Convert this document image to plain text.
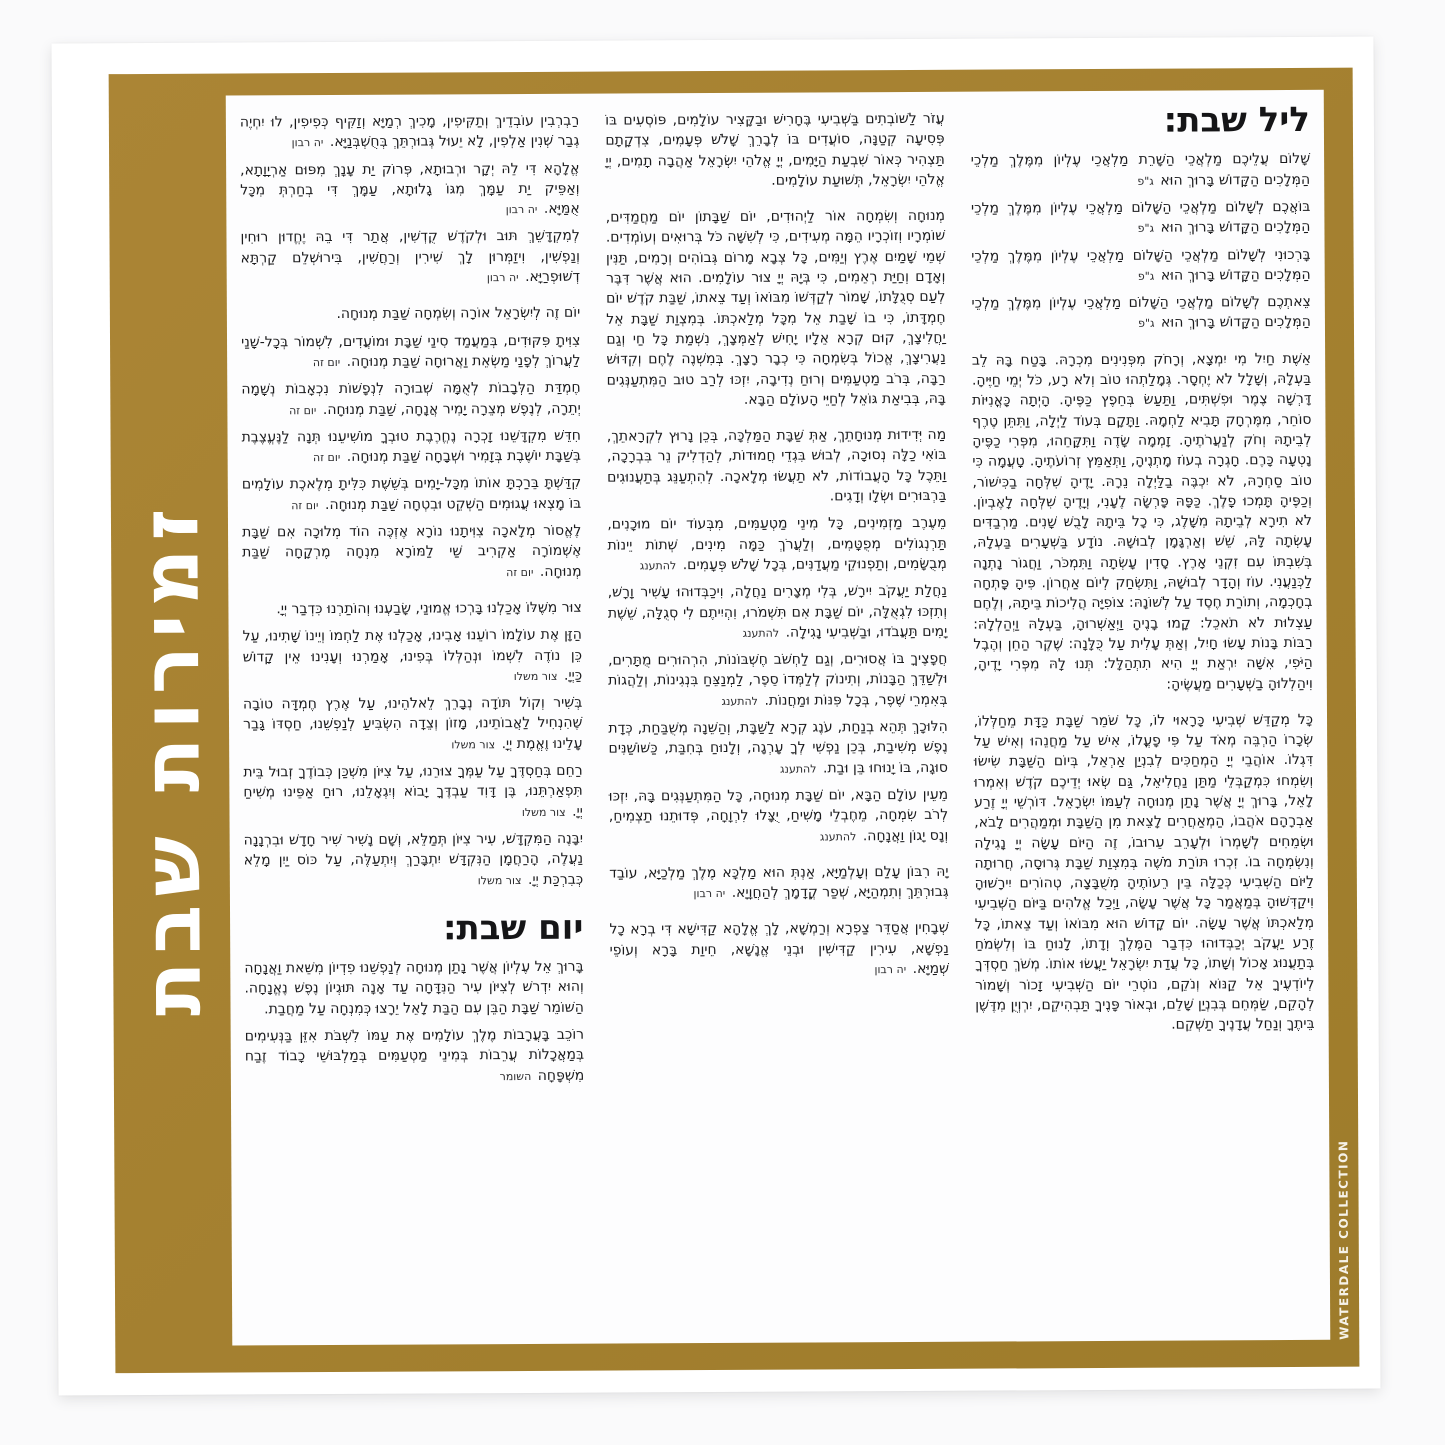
זמירות שבת
WATERDALE COLLECTION
ליל שבת:

שָׁלוֹם עֲלֵיכֶם מַלְאֲכֵי הַשָּׁרֵת מַלְאֲכֵי עֶלְיוֹן מִמֶּלֶךְ מַלְכֵי הַמְּלָכִים הַקָּדוֹשׁ בָּרוּךְ הוּא ג"פ

בּוֹאֲכֶם לְשָׁלוֹם מַלְאֲכֵי הַשָּׁלוֹם מַלְאֲכֵי עֶלְיוֹן מִמֶּלֶךְ מַלְכֵי הַמְּלָכִים הַקָּדוֹשׁ בָּרוּךְ הוּא ג"פ

בָּרְכוּנִי לְשָׁלוֹם מַלְאֲכֵי הַשָּׁלוֹם מַלְאֲכֵי עֶלְיוֹן מִמֶּלֶךְ מַלְכֵי הַמְּלָכִים הַקָּדוֹשׁ בָּרוּךְ הוּא ג"פ

צֵאתְכֶם לְשָׁלוֹם מַלְאֲכֵי הַשָּׁלוֹם מַלְאֲכֵי עֶלְיוֹן מִמֶּלֶךְ מַלְכֵי הַמְּלָכִים הַקָּדוֹשׁ בָּרוּךְ הוּא ג"פ

אֵשֶׁת חַיִל מִי יִמְצָא, וְרָחֹק מִפְּנִינִים מִכְרָהּ. בָּטַח בָּהּ לֵב בַּעְלָהּ, וְשָׁלָל לֹא יֶחְסָר. גְּמָלַתְהוּ טוֹב וְלֹא רָע, כֹּל יְמֵי חַיֶּיהָ. דָּרְשָׁה צֶמֶר וּפִשְׁתִּים, וַתַּעַשׂ בְּחֵפֶץ כַּפֶּיהָ. הָיְתָה כָּאֳנִיּוֹת סוֹחֵר, מִמֶּרְחָק תָּבִיא לַחְמָהּ. וַתָּקָם בְּעוֹד לַיְלָה, וַתִּתֵּן טֶרֶף לְבֵיתָהּ וְחֹק לְנַעֲרֹתֶיהָ. זָמְמָה שָׂדֶה וַתִּקָּחֵהוּ, מִפְּרִי כַפֶּיהָ נָטְעָה כָּרֶם. חָגְרָה בְעוֹז מָתְנֶיהָ, וַתְּאַמֵּץ זְרוֹעֹתֶיהָ. טָעֲמָה כִּי טוֹב סַחְרָהּ, לֹא יִכְבֶּה בַלַּיְלָה נֵרָהּ. יָדֶיהָ שִׁלְּחָה בַכִּישׁוֹר, וְכַפֶּיהָ תָּמְכוּ פָלֶךְ. כַּפָּהּ פָּרְשָׂה לֶעָנִי, וְיָדֶיהָ שִׁלְּחָה לָאֶבְיוֹן. לֹא תִירָא לְבֵיתָהּ מִשָּׁלֶג, כִּי כָל בֵּיתָהּ לָבֻשׁ שָׁנִים. מַרְבַדִּים עָשְׂתָה לָּהּ, שֵׁשׁ וְאַרְגָּמָן לְבוּשָׁהּ. נוֹדָע בַּשְּׁעָרִים בַּעְלָהּ, בְּשִׁבְתּוֹ עִם זִקְנֵי אָרֶץ. סָדִין עָשְׂתָה וַתִּמְכֹּר, וַחֲגוֹר נָתְנָה לַכְּנַעֲנִי. עוֹז וְהָדָר לְבוּשָׁהּ, וַתִּשְׂחַק לְיוֹם אַחֲרוֹן. פִּיהָ פָּתְחָה בְחָכְמָה, וְתוֹרַת חֶסֶד עַל לְשׁוֹנָהּ: צוֹפִיָּה הֲלִיכוֹת בֵּיתָהּ, וְלֶחֶם עַצְלוּת לֹא תֹאכֵל: קָמוּ בָנֶיהָ וַיְאַשְּׁרוּהָ, בַּעְלָהּ וַיְהַלְלָהּ: רַבּוֹת בָּנוֹת עָשׂוּ חָיִל, וְאַתְּ עָלִית עַל כֻּלָּנָה: שֶׁקֶר הַחֵן וְהֶבֶל הַיֹּפִי, אִשָּׁה יִרְאַת יְיָ הִיא תִתְהַלָּל: תְּנוּ לָהּ מִפְּרִי יָדֶיהָ, וִיהַלְלוּהָ בַשְּׁעָרִים מַעֲשֶׂיהָ:

כָּל מְקַדֵּשׁ שְׁבִיעִי כָּרָאוּי לוֹ, כָּל שֹׁמֵר שַׁבָּת כַּדָּת מֵחַלְּלוֹ, שְׂכָרוֹ הַרְבֵּה מְאֹד עַל פִּי פָעֳלוֹ, אִישׁ עַל מַחֲנֵהוּ וְאִישׁ עַל דִּגְלוֹ. אוֹהֲבֵי יְיָ הַמְחַכִּים לְבִנְיַן אַרְאֵל, בְּיוֹם הַשַּׁבָּת שִׂישׂוּ וְשִׂמְחוּ כִּמְקַבְּלֵי מַתַּן נַחֲלִיאֵל, גַּם שְׂאוּ יְדֵיכֶם קֹדֶשׁ וְאִמְרוּ לָאֵל, בָּרוּךְ יְיָ אֲשֶׁר נָתַן מְנוּחָה לְעַמּוֹ יִשְׂרָאֵל. דּוֹרְשֵׁי יְיָ זֶרַע אַבְרָהָם אֹהֲבוֹ, הַמְאַחֲרִים לָצֵאת מִן הַשַּׁבָּת וּמְמַהֲרִים לָבֹא, וּשְׂמֵחִים לְשָׁמְרוֹ וּלְעָרֵב עֵרוּבוֹ, זֶה הַיּוֹם עָשָׂה יְיָ נָגִילָה וְנִשְׂמְחָה בוֹ. זִכְרוּ תּוֹרַת מֹשֶׁה בְּמִצְוַת שַׁבָּת גְּרוּסָה, חֲרוּתָה לַיּוֹם הַשְּׁבִיעִי כְּכַלָּה בֵּין רֵעוֹתֶיהָ מְשֻׁבָּצָה, טְהוֹרִים יִירָשׁוּהָ וִיקַדְּשׁוּהָ בְּמַאֲמַר כָּל אֲשֶׁר עָשָׂה, וַיְכַל אֱלֹהִים בַּיּוֹם הַשְּׁבִיעִי מְלַאכְתּוֹ אֲשֶׁר עָשָׂה. יוֹם קָדוֹשׁ הוּא מִבּוֹאוֹ וְעַד צֵאתוֹ, כָּל זֶרַע יַעֲקֹב יְכַבְּדוּהוּ כִּדְבַר הַמֶּלֶךְ וְדָתוֹ, לָנוּחַ בּוֹ וְלִשְׂמֹחַ בְּתַעֲנוּג אָכוֹל וְשָׁתוֹ, כָּל עֲדַת יִשְׂרָאֵל יַעֲשׂוּ אוֹתוֹ. מְשֹׁךְ חַסְדְּךָ לְיוֹדְעֶיךָ אֵל קַנּוֹא וְנֹקֵם, נוֹטְרֵי יוֹם הַשְּׁבִיעִי זָכוֹר וְשָׁמוֹר לְהָקֵם, שַׂמְּחֵם בְּבִנְיַן שָׁלֵם, וּבְאוֹר פָּנֶיךָ תַּבְהִיקֵם, יִרְוְיֻן מִדֶּשֶׁן בֵּיתֶךָ וְנַחַל עֲדָנֶיךָ תַשְׁקֵם.

עֲזֹר לַשּׁוֹבְתִים בַּשְּׁבִיעִי בֶּחָרִישׁ וּבַקָּצִיר עוֹלָמִים, פּוֹסְעִים בּוֹ פְּסִיעָה קְטַנָּה, סוֹעֲדִים בּוֹ לְבָרֵךְ שָׁלֹשׁ פְּעָמִים, צִדְקָתָם תַּצְהִיר כְּאוֹר שִׁבְעַת הַיָּמִים, יְיָ אֱלֹהֵי יִשְׂרָאֵל אַהֲבָה תָמִים, יְיָ אֱלֹהֵי יִשְׂרָאֵל, תְּשׁוּעַת עוֹלָמִים.

מְנוּחָה וְשִׂמְחָה אוֹר לַיְהוּדִים, יוֹם שַׁבָּתוֹן יוֹם מַחֲמַדִּים, שׁוֹמְרָיו וְזוֹכְרָיו הֵמָּה מְעִידִים, כִּי לְשִׁשָּׁה כֹּל בְּרוּאִים וְעוֹמְדִים. שְׁמֵי שָׁמַיִם אֶרֶץ וְיַמִּים, כָּל צְבָא מָרוֹם גְּבוֹהִים וְרָמִים, תַּנִּין וְאָדָם וְחַיַּת רְאֵמִים, כִּי בְּיָהּ יְיָ צוּר עוֹלָמִים. הוּא אֲשֶׁר דִּבֶּר לְעַם סְגֻלָּתוֹ, שָׁמוֹר לְקַדְּשׁוֹ מִבּוֹאוֹ וְעַד צֵאתוֹ, שַׁבַּת קֹדֶשׁ יוֹם חֶמְדָּתוֹ, כִּי בוֹ שָׁבַת אֵל מִכָּל מְלַאכְתּוֹ. בְּמִצְוַת שַׁבָּת אֵל יַחֲלִיצָךְ, קוּם קְרָא אֵלָיו יָחִישׁ לְאַמְּצָךְ, נִשְׁמַת כָּל חַי וְגַם נַעֲרִיצָךְ, אֱכוֹל בְּשִׂמְחָה כִּי כְבָר רָצָךְ. בְּמִשְׁנֶה לֶחֶם וְקִדּוּשׁ רַבָּה, בְּרֹב מַטְעַמִּים וְרוּחַ נְדִיבָה, יִזְכּוּ לְרַב טוּב הַמִּתְעַנְּגִים בָּהּ, בְּבִיאַת גּוֹאֵל לְחַיֵּי הָעוֹלָם הַבָּא.

מַה יְּדִידוּת מְנוּחָתֵךְ, אַתְּ שַׁבָּת הַמַּלְכָּה, בְּכֵן נָרוּץ לִקְרָאתֵךְ, בּוֹאִי כַלָּה נְסוּכָה, לְבוּשׁ בִּגְדֵי חֲמוּדוֹת, לְהַדְלִיק נֵר בִּבְרָכָה, וַתֵּכֶל כָּל הָעֲבוֹדוֹת, לֹא תַעֲשׂוּ מְלָאכָה. לְהִתְעַנֵּג בְּתַעֲנוּגִים בַּרְבּוּרִים וּשְׂלָו וְדָגִים.

מֵעֶרֶב מַזְמִינִים, כָּל מִינֵי מַטְעַמִּים, מִבְּעוֹד יוֹם מוּכָנִים, תַּרְנְגוֹלִים מְפֻטָּמִים, וְלַעֲרֹךְ כַּמָּה מִינִים, שְׁתוֹת יֵינוֹת מְבֻשָּׂמִים, וְתַפְנוּקֵי מַעֲדַנִּים, בְּכָל שָׁלֹשׁ פְּעָמִים. להתענג

נַחֲלַת יַעֲקֹב יִירָשׁ, בְּלִי מְצָרִים נַחֲלָה, וִיכַבְּדוּהוּ עָשִׁיר וָרָשׁ, וְתִזְכּוּ לִגְאֻלָּה, יוֹם שַׁבָּת אִם תִּשְׁמֹרוּ, וִהְיִיתֶם לִי סְגֻלָּה, שֵׁשֶׁת יָמִים תַּעֲבֹדוּ, וּבַשְּׁבִיעִי נָגִילָה. להתענג

חֲפָצֶיךָ בּוֹ אֲסוּרִים, וְגַם לַחְשֹׁב חֶשְׁבּוֹנוֹת, הִרְהוּרִים מֻתָּרִים, וּלְשַׁדֵּךְ הַבָּנוֹת, וְתִינוֹק לְלַמְּדוֹ סֵפֶר, לַמְנַצֵּחַ בִּנְגִינוֹת, וְלַהֲגוֹת בְּאִמְרֵי שֶׁפֶר, בְּכָל פִּנּוֹת וּמַחֲנוֹת. להתענג

הִלּוּכָךְ תְּהֵא בְנַחַת, עֹנֶג קְרָא לַשַּׁבָּת, וְהַשֵּׁנָה מְשֻׁבַּחַת, כְּדָת נֶפֶשׁ מְשִׁיבַת, בְּכֵן נַפְשִׁי לְךָ עָרְגָה, וְלָנוּחַ בְּחִבַּת, כַּשּׁוֹשַׁנִּים סוּגָה, בּוֹ יָנוּחוּ בֵּן וּבַת. להתענג

מֵעֵין עוֹלָם הַבָּא, יוֹם שַׁבָּת מְנוּחָה, כָּל הַמִּתְעַנְּגִים בָּהּ, יִזְכּוּ לְרֹב שִׂמְחָה, מֵחֶבְלֵי מָשִׁיחַ, יֻצָּלוּ לִרְוָחָה, פְּדוּתֵנוּ תַצְמִיחַ, וְנָס יָגוֹן וַאֲנָחָה. להתענג

יָהּ רִבּוֹן עָלַם וְעָלְמַיָּא, אַנְתְּ הוּא מַלְכָּא מֶלֶךְ מַלְכַיָּא, עוֹבַד גְּבוּרְתֵּךְ וְתִמְהַיָּא, שְׁפַר קֳדָמָךְ לְהַחֲוָיָא. יה רבון

שְׁבָחִין אֲסַדֵּר צַפְרָא וְרַמְשָׁא, לָךְ אֱלָהָא קַדִּישָׁא דִּי בְרָא כָל נַפְשָׁא, עִירִין קַדִּישִׁין וּבְנֵי אֱנָשָׁא, חֵיוַת בָּרָא וְעוֹפֵי שְׁמַיָּא. יה רבון

רַבְרְבִין עוֹבְדֵיךְ וְתַקִּיפִין, מָכִיךְ רְמַיָּא וְזַקִּיף כְּפִיפִין, לוּ יִחְיֶה גְבַר שְׁנִין אַלְפִין, לָא יֵעוּל גְּבוּרְתֵּךְ בְּחֻשְׁבְּנַיָּא. יה רבון

אֱלָהָא דִּי לֵהּ יְקָר וּרְבוּתָא, פְּרוֹק יַת עָנָךְ מִפּוּם אַרְיָוָתָא, וְאַפֵּיק יַת עַמָּךְ מִגּוֹ גָלוּתָא, עַמָּךְ דִּי בְחַרְתְּ מִכָּל אֻמַּיָּא. יה רבון

לְמִקְדָּשֵׁךְ תּוּב וּלְקֹדֶשׁ קֻדְשִׁין, אֲתַר דִּי בֵהּ יֶחֱדוּן רוּחִין וְנַפְשִׁין, וִיזַמְּרוּן לָךְ שִׁירִין וְרַחֲשִׁין, בִּירוּשְׁלֵם קַרְתָּא דְשׁוּפְרַיָּא. יה רבון

יוֹם זֶה לְיִשְׂרָאֵל אוֹרָה וְשִׂמְחָה שַׁבַּת מְנוּחָה.

צִוִּיתָ פִּקּוּדִים, בְּמַעֲמַד סִינַי שַׁבָּת וּמוֹעֲדִים, לִשְׁמוֹר בְּכָל-שָׁנַי לַעֲרוֹךְ לְפָנַי מַשְׂאֵת וַאֲרוּחָה שַׁבַּת מְנוּחָה. יום זה

חֶמְדַּת הַלְּבָבוֹת לְאֻמָּה שְׁבוּרָה לִנְפָשׁוֹת נִכְאָבוֹת נְשָׁמָה יְתֵרָה, לְנֶפֶשׁ מְצֵרָה יָמִיר אֲנָחָה, שַׁבַּת מְנוּחָה. יום זה

חִדֵּשׁ מִקְדָּשֵׁנוּ זָכְרָה נֶחֱרֶבֶת טוּבְךָ מוֹשִׁיעֵנוּ תְּנָה לַנֶּעֱצֶבֶת בְּשַׁבָּת יוֹשֶׁבֶת בְּזָמִיר וּשְׁבָחָה שַׁבַּת מְנוּחָה. יום זה

קִדַּשְׁתָּ בֵּרַכְתָּ אוֹתוֹ מִכָּל-יָמִים בְּשֵׁשֶׁת כִּלִּיתָ מְלֶאכֶת עוֹלָמִים בּוֹ מָצְאוּ עֲגוּמִים הַשְׁקֵט וּבִטְחָה שַׁבַּת מְנוּחָה. יום זה

לֶאֱסוֹר מְלָאכָה צִוִּיתָנוּ נוֹרָא אֶזְכֶּה הוֹד מְלוּכָה אִם שַׁבָּת אֶשְׁמוֹרָה אַקְרִיב שַׁי לַמּוֹרָא מִנְחָה מֶרְקָחָה שַׁבַּת מְנוּחָה. יום זה

צוּר מִשֶּׁלּוֹ אָכַלְנוּ בָּרְכוּ אֱמוּנַי, שָׂבַעְנוּ וְהוֹתַרְנוּ כִּדְבַר יְיָ.

הַזָּן אֶת עוֹלָמוֹ רוֹעֵנוּ אָבִינוּ, אָכַלְנוּ אֶת לַחְמוֹ וְיֵינוֹ שָׁתִינוּ, עַל כֵּן נוֹדֶה לִשְׁמוֹ וּנְהַלְּלוֹ בְּפִינוּ, אָמַרְנוּ וְעָנִינוּ אֵין קָדוֹשׁ כַּיְיָ. צור משלו

בְּשִׁיר וְקוֹל תּוֹדָה נְבָרֵךְ לֵאלֹהֵינוּ, עַל אֶרֶץ חֶמְדָּה טוֹבָה שֶׁהִנְחִיל לַאֲבוֹתֵינוּ, מָזוֹן וְצֵדָה הִשְׂבִּיעַ לְנַפְשֵׁנוּ, חַסְדּוֹ גָּבַר עָלֵינוּ וֶאֱמֶת יְיָ. צור משלו

רַחֵם בְּחַסְדֶּךָ עַל עַמְּךָ צוּרֵנוּ, עַל צִיּוֹן מִשְׁכַּן כְּבוֹדֶךָ זְבוּל בֵּית תִּפְאַרְתֵּנוּ, בֶּן דָּוִד עַבְדֶּךָ יָבוֹא וְיִגְאָלֵנוּ, רוּחַ אַפֵּינוּ מְשִׁיחַ יְיָ. צור משלו

יִבָּנֶה הַמִּקְדָּשׁ, עִיר צִיּוֹן תְּמַלֵּא, וְשָׁם נָשִׁיר שִׁיר חָדָשׁ וּבִרְנָנָה נַעֲלֶה, הָרַחֲמָן הַנִּקְדָּשׁ יִתְבָּרַךְ וְיִתְעַלֶּה, עַל כּוֹס יַיִן מָלֵא כְּבִרְכַּת יְיָ. צור משלו

יום שבת:

בָּרוּךְ אֵל עֶלְיוֹן אֲשֶׁר נָתַן מְנוּחָה לְנַפְשֵׁנוּ פִדְיוֹן מִשֵּׁאת וַאֲנָחָה וְהוּא יִדְרשׁ לְצִיּוֹן עִיר הַנִּדָּחָה עַד אָנָה תּוּגְיוֹן נֶפֶשׁ נֶאֱנָחָה. הַשּׁוֹמֵר שַׁבָּת הַבֵּן עִם הַבַּת לָאֵל יֵרָצוּ כְּמִנְחָה עַל מַחֲבַת.

רוֹכֵב בָּעֲרָבוֹת מֶלֶךְ עוֹלָמִים אֶת עַמּוֹ לִשְׁבֹּת אִזֵּן בַּנְּעִימִים בְּמַאֲכָלוֹת עֲרֵבוֹת בְּמִינֵי מַטְעַמִּים בְּמַלְבּוּשֵׁי כָבוֹד זֶבַח מִשְׁפָּחָה השומר
